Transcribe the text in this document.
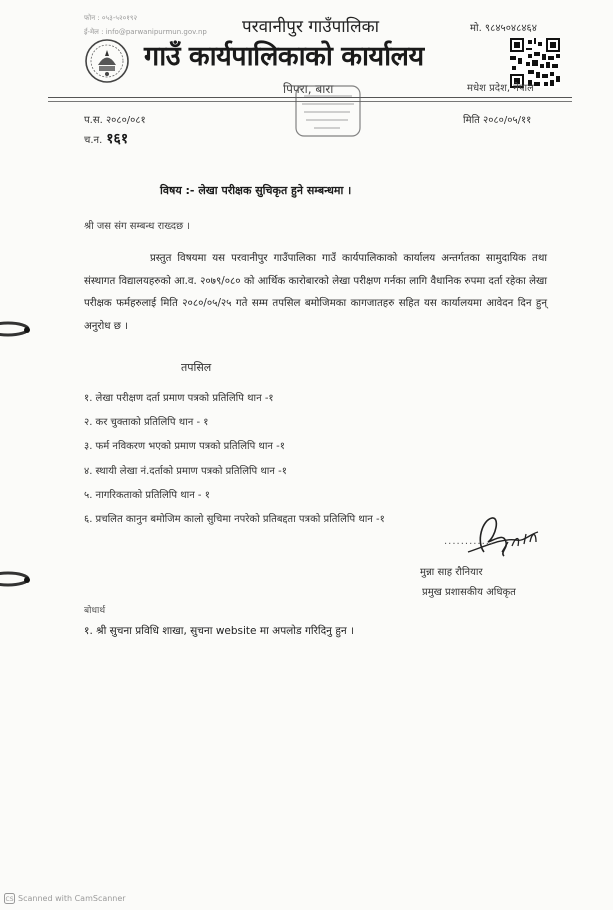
फोन : ०५३-५२०१९२
ई-मेल : info@parwanipurmun.gov.np परवानीपुर गाउँपालिका
गाउँ कार्यपालिकाको कार्यालय
मो. ९८४५०४८४६४
पिपरा, बारा	मधेश प्रदेश, नेपाल
प.स. २०८०/०८१
च.न. १६१
मिति २०८०/०५/११
विषय :- लेखा परीक्षक सुचिकृत हुने सम्बन्धमा ।
श्री जस संग सम्बन्ध राख्दछ ।
प्रस्तुत विषयमा यस परवानीपुर गाउँपालिका गाउँ कार्यपालिकाको कार्यालय अन्तर्गतका सामुदायिक तथा संस्थागत विद्यालयहरुको आ.व. २०७९/०८० को आर्थिक कारोबारको लेखा परीक्षण गर्नका लागि वैधानिक रुपमा दर्ता रहेका लेखा परीक्षक फर्महरुलाई मिति २०८०/०५/२५ गते सम्म तपसिल बमोजिमका कागजातहरु सहित यस कार्यालयमा आवेदन दिन हुन् अनुरोध छ ।
तपसिल
१. लेखा परीक्षण दर्ता प्रमाण पत्रको प्रतिलिपि थान -१
२. कर चुक्ताको प्रतिलिपि थान - १
३. फर्म नविकरण भएको प्रमाण पत्रको प्रतिलिपि थान -१
४. स्थायी लेखा नं.दर्ताको प्रमाण पत्रको प्रतिलिपि थान -१
५. नागरिकताको प्रतिलिपि थान - १
६. प्रचलित कानुन बमोजिम कालो सुचिमा नपरेको प्रतिबद्दता पत्रको प्रतिलिपि थान -१
............
मुन्ना साह रौनियार
प्रमुख प्रशासकीय अधिकृत
बोधार्थ
१. श्री सुचना प्रविधि शाखा, सुचना website मा अपलोड गरिदिनु हुन ।
CS Scanned with CamScanner
